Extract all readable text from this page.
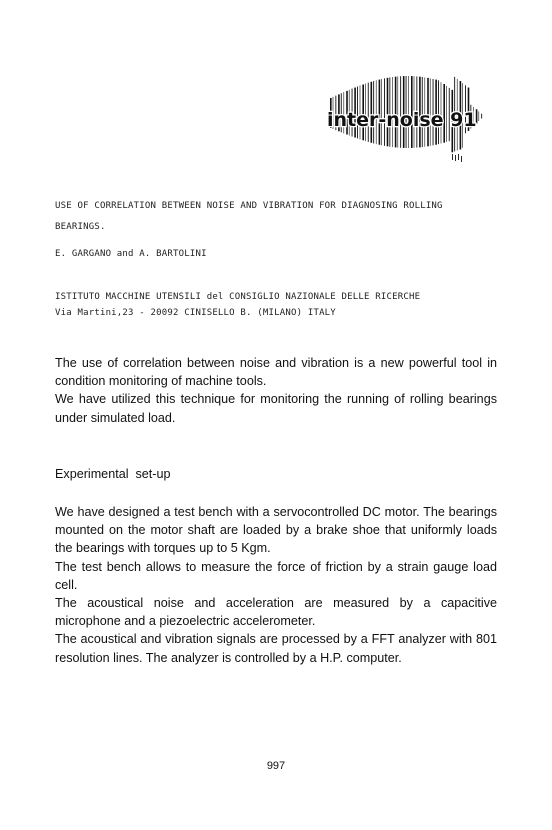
inter-noise 91
USE OF CORRELATION BETWEEN NOISE AND VIBRATION FOR DIAGNOSING ROLLING
BEARINGS.
E. GARGANO and A. BARTOLINI
ISTITUTO MACCHINE UTENSILI del CONSIGLIO NAZIONALE DELLE RICERCHE
Via Martini,23 - 20092 CINISELLO B. (MILANO) ITALY

The use of correlation between noise and vibration is a new powerful tool in condition monitoring of machine tools.

We have utilized this technique for monitoring the running of rolling bearings under simulated load.

Experimental  set-up

We have designed a test bench with a servocontrolled DC motor. The bearings mounted on the motor shaft are loaded by a brake shoe that uniformly loads the bearings with torques up to 5 Kgm.

The test bench allows to measure the force of friction by a strain gauge load cell.

The acoustical noise and acceleration are measured by a capacitive microphone and a piezoelectric accelerometer.

The acoustical and vibration signals are processed by a FFT analyzer with 801 resolution lines. The analyzer is controlled by a H.P. computer.

997
